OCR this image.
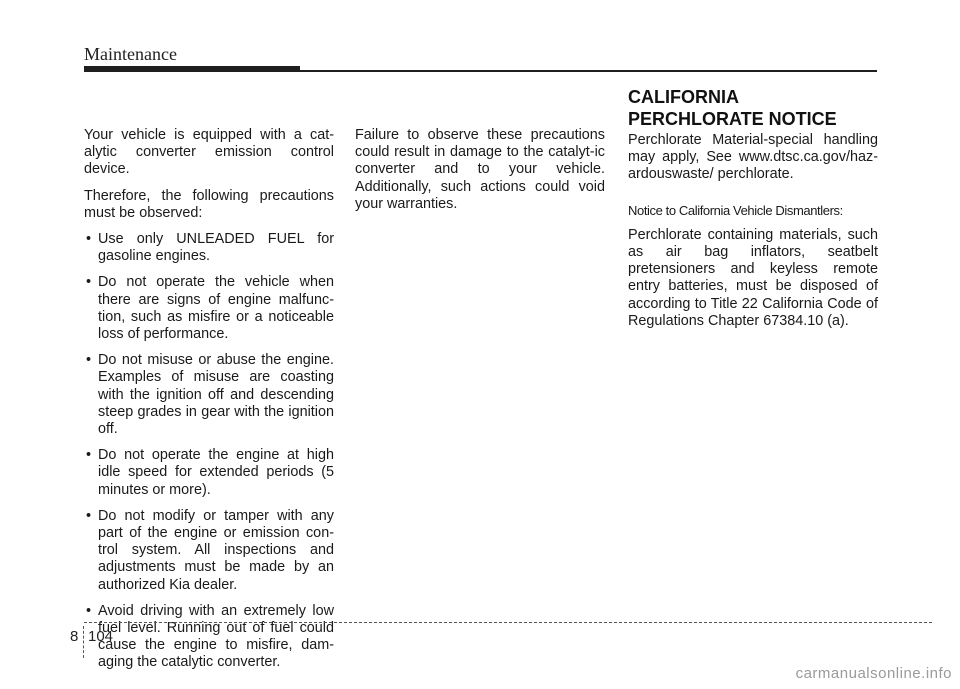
Maintenance

Your vehicle is equipped with a cat-alytic converter emission control device.

Therefore, the following precautions must be observed:

• Use only UNLEADED FUEL for gasoline engines.
• Do not operate the vehicle when there are signs of engine malfunc-tion, such as misfire or a noticeable loss of performance.
• Do not misuse or abuse the engine. Examples of misuse are coasting with the ignition off and descending steep grades in gear with the ignition off.
• Do not operate the engine at high idle speed for extended periods (5 minutes or more).
• Do not modify or tamper with any part of the engine or emission con-trol system. All inspections and adjustments must be made by an authorized Kia dealer.
• Avoid driving with an extremely low fuel level. Running out of fuel could cause the engine to misfire, dam-aging the catalytic converter.

Failure to observe these precautions could result in damage to the catalyt-ic converter and to your vehicle. Additionally, such actions could void your warranties.

CALIFORNIA
PERCHLORATE NOTICE

Perchlorate Material-special handling may apply, See www.dtsc.ca.gov/haz-ardouswaste/ perchlorate.

Notice to California Vehicle Dismantlers:

Perchlorate containing materials, such as air bag inflators, seatbelt pretensioners and keyless remote entry batteries, must be disposed of according to Title 22 California Code of Regulations Chapter 67384.10 (a).

8 104
carmanualsonline.info
